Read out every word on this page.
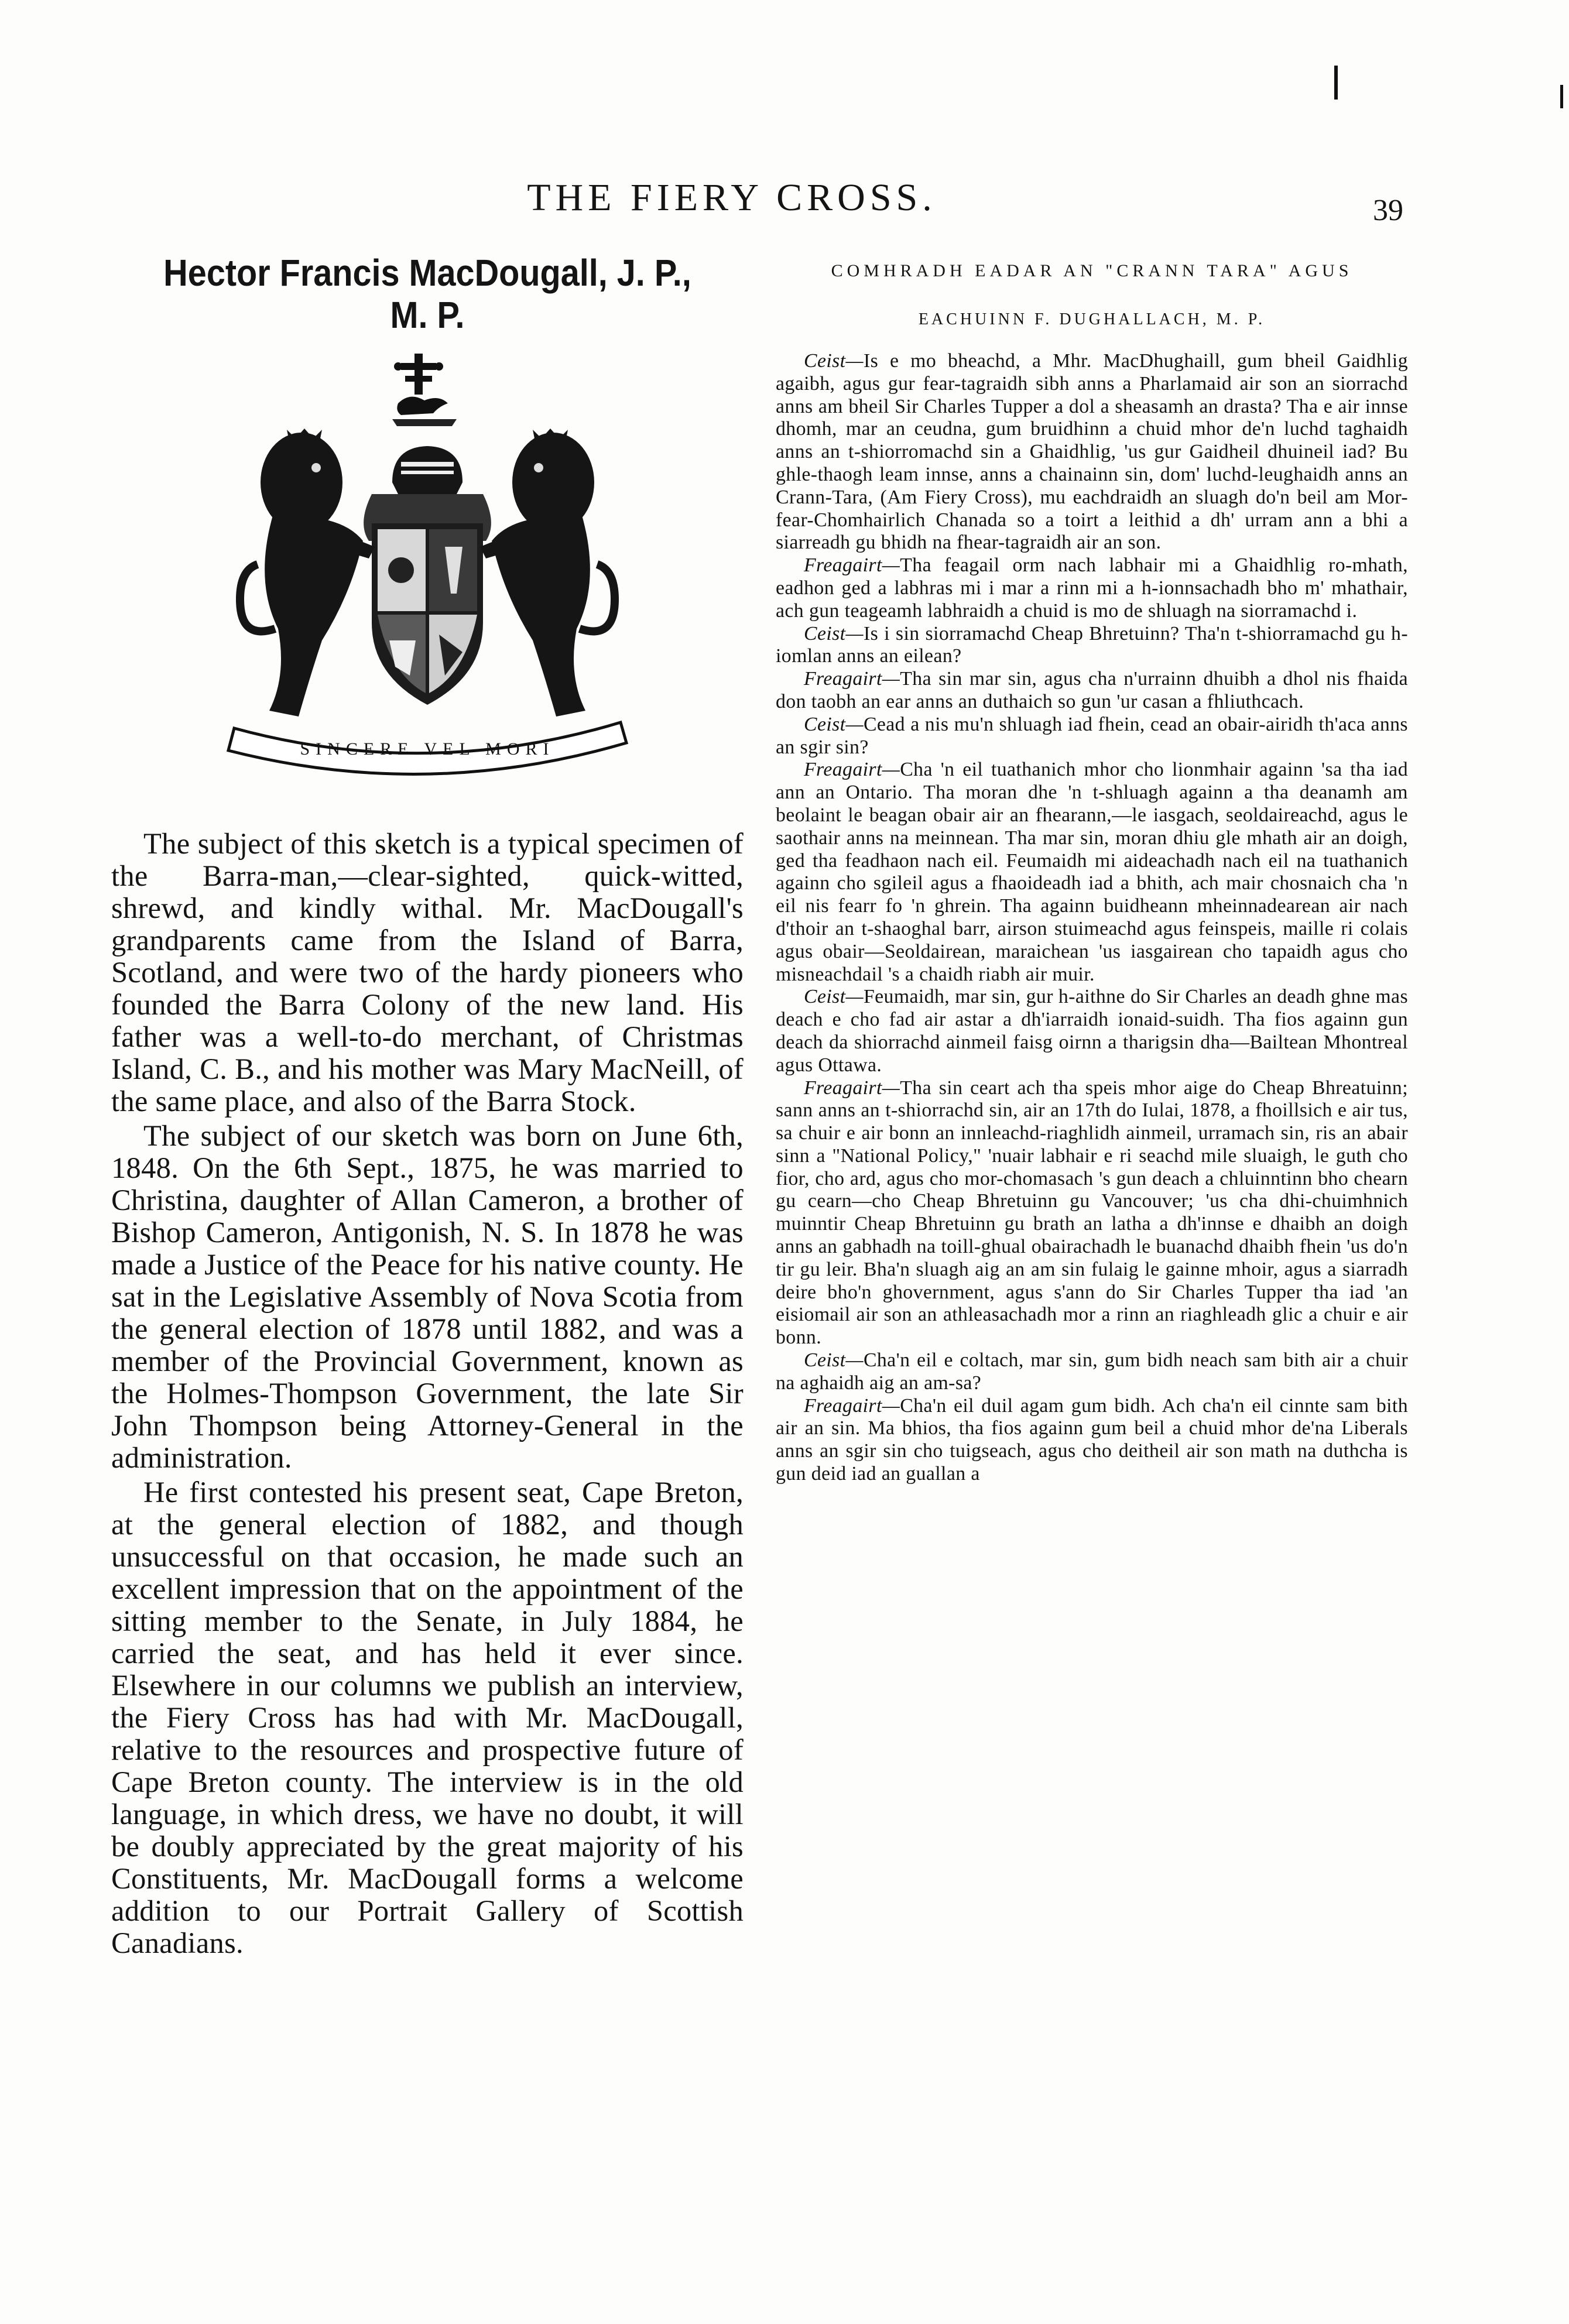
THE FIERY CROSS.	39
Hector Francis MacDougall, J. P., M. P.
SINCERE VEL MORI

The subject of this sketch is a typical specimen of the Barra-man,—clear-sighted, quick-witted, shrewd, and kindly withal. Mr. MacDougall's grandparents came from the Island of Barra, Scotland, and were two of the hardy pioneers who founded the Barra Colony of the new land. His father was a well-to-do merchant, of Christmas Island, C. B., and his mother was Mary MacNeill, of the same place, and also of the Barra Stock.

The subject of our sketch was born on June 6th, 1848. On the 6th Sept., 1875, he was married to Christina, daughter of Allan Cameron, a brother of Bishop Cameron, Antigonish, N. S. In 1878 he was made a Justice of the Peace for his native county. He sat in the Legislative Assembly of Nova Scotia from the general election of 1878 until 1882, and was a member of the Provincial Government, known as the Holmes-Thompson Government, the late Sir John Thompson being Attorney-General in the administration.

He first contested his present seat, Cape Breton, at the general election of 1882, and though unsuccessful on that occasion, he made such an excellent impression that on the appointment of the sitting member to the Senate, in July 1884, he carried the seat, and has held it ever since. Elsewhere in our columns we publish an interview, the Fiery Cross has had with Mr. MacDougall, relative to the resources and prospective future of Cape Breton county. The interview is in the old language, in which dress, we have no doubt, it will be doubly appreciated by the great majority of his Constituents, Mr. MacDougall forms a welcome addition to our Portrait Gallery of Scottish Canadians.

COMHRADH EADAR AN "CRANN TARA" AGUS

EACHUINN F. DUGHALLACH, M. P.

Ceist—Is e mo bheachd, a Mhr. MacDhughaill, gum bheil Gaidhlig agaibh, agus gur fear-tagraidh sibh anns a Pharlamaid air son an siorrachd anns am bheil Sir Charles Tupper a dol a sheasamh an drasta? Tha e air innse dhomh, mar an ceudna, gum bruidhinn a chuid mhor de'n luchd taghaidh anns an t-shiorromachd sin a Ghaidhlig, 'us gur Gaidheil dhuineil iad? Bu ghle-thaogh leam innse, anns a chainainn sin, dom' luchd-leughaidh anns an Crann-Tara, (Am Fiery Cross), mu eachdraidh an sluagh do'n beil am Mor-fear-Chomhairlich Chanada so a toirt a leithid a dh' urram ann a bhi a siarreadh gu bhidh na fhear-tagraidh air an son.

Freagairt—Tha feagail orm nach labhair mi a Ghaidhlig ro-mhath, eadhon ged a labhras mi i mar a rinn mi a h-ionnsachadh bho m' mhathair, ach gun teageamh labhraidh a chuid is mo de shluagh na siorramachd i.

Ceist—Is i sin siorramachd Cheap Bhretuinn? Tha'n t-shiorramachd gu h-iomlan anns an eilean?

Freagairt—Tha sin mar sin, agus cha n'urrainn dhuibh a dhol nis fhaida don taobh an ear anns an duthaich so gun 'ur casan a fhliuthcach.

Ceist—Cead a nis mu'n shluagh iad fhein, cead an obair-airidh th'aca anns an sgir sin?

Freagairt—Cha 'n eil tuathanich mhor cho lionmhair againn 'sa tha iad ann an Ontario. Tha moran dhe 'n t-shluagh againn a tha deanamh am beolaint le beagan obair air an fhearann,—le iasgach, seoldaireachd, agus le saothair anns na meinnean. Tha mar sin, moran dhiu gle mhath air an doigh, ged tha feadhaon nach eil. Feumaidh mi aideachadh nach eil na tuathanich againn cho sgileil agus a fhaoideadh iad a bhith, ach mair chosnaich cha 'n eil nis fearr fo 'n ghrein. Tha againn buidheann mheinnadearean air nach d'thoir an t-shaoghal barr, airson stuimeachd agus feinspeis, maille ri colais agus obair—Seoldairean, maraichean 'us iasgairean cho tapaidh agus cho misneachdail 's a chaidh riabh air muir.

Ceist—Feumaidh, mar sin, gur h-aithne do Sir Charles an deadh ghne mas deach e cho fad air astar a dh'iarraidh ionaid-suidh. Tha fios againn gun deach da shiorrachd ainmeil faisg oirnn a tharigsin dha—Bailtean Mhontreal agus Ottawa.

Freagairt—Tha sin ceart ach tha speis mhor aige do Cheap Bhreatuinn; sann anns an t-shiorrachd sin, air an 17th do Iulai, 1878, a fhoillsich e air tus, sa chuir e air bonn an innleachd-riaghlidh ainmeil, urramach sin, ris an abair sinn a "National Policy," 'nuair labhair e ri seachd mile sluaigh, le guth cho fior, cho ard, agus cho mor-chomasach 's gun deach a chluinntinn bho chearn gu cearn—cho Cheap Bhretuinn gu Vancouver; 'us cha dhi-chuimhnich muinntir Cheap Bhretuinn gu brath an latha a dh'innse e dhaibh an doigh anns an gabhadh na toill-ghual obairachadh le buanachd dhaibh fhein 'us do'n tir gu leir. Bha'n sluagh aig an am sin fulaig le gainne mhoir, agus a siarradh deire bho'n ghovernment, agus s'ann do Sir Charles Tupper tha iad 'an eisiomail air son an athleasachadh mor a rinn an riaghleadh glic a chuir e air bonn.

Ceist—Cha'n eil e coltach, mar sin, gum bidh neach sam bith air a chuir na aghaidh aig an am-sa?

Freagairt—Cha'n eil duil agam gum bidh. Ach cha'n eil cinnte sam bith air an sin. Ma bhios, tha fios againn gum beil a chuid mhor de'na Liberals anns an sgir sin cho tuigseach, agus cho deitheil air son math na duthcha is gun deid iad an guallan a
